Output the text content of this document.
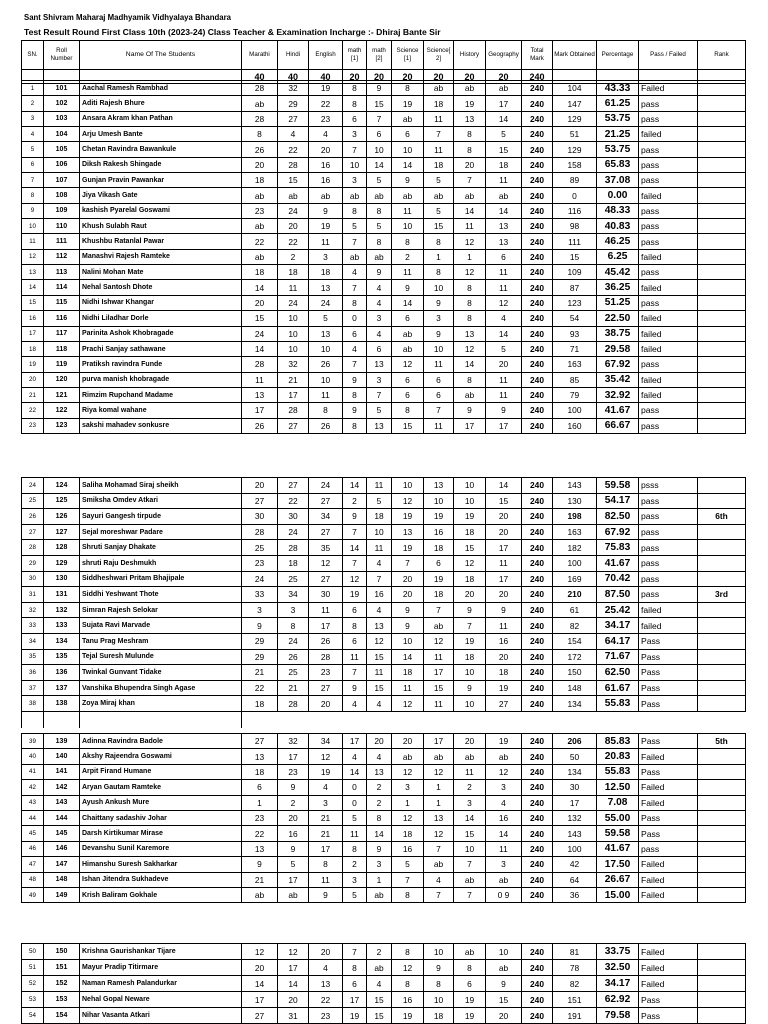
Sant Shivram Maharaj Madhyamik Vidhyalaya Bhandara
Test Result Round First Class 10th (2023-24) Class Teacher & Examination Incharge :- Dhiraj Bante Sir
SN.	Roll Number	Name Of The Students	Marathi	Hindi	English	math [1]	math [2]	Science [1]	Science[ 2]	History	Geography	Total Mark	Mark Obtained	Percentage	Pass / Failed	Rank
			40	40	40	20	20	20	20	20	20	240				
1	101	Aachal Ramesh Rambhad	28	32	19	8	9	8	ab	ab	ab	240	104	43.33	Failed	
2	102	Aditi Rajesh Bhure	ab	29	22	8	15	19	18	19	17	240	147	61.25	pass	
3	103	Ansara Akram khan Pathan	28	27	23	6	7	ab	11	13	14	240	129	53.75	pass	
4	104	Arju Umesh Bante	8	4	4	3	6	6	7	8	5	240	51	21.25	failed	
5	105	Chetan Ravindra Bawankule	26	22	20	7	10	10	11	8	15	240	129	53.75	pass	
6	106	Diksh Rakesh Shingade	20	28	16	10	14	14	18	20	18	240	158	65.83	pass	
7	107	Gunjan Pravin Pawankar	18	15	16	3	5	9	5	7	11	240	89	37.08	pass	
8	108	Jiya Vikash Gate	ab	ab	ab	ab	ab	ab	ab	ab	ab	240	0	0.00	failed	
9	109	kashish Pyarelal Goswami	23	24	9	8	8	11	5	14	14	240	116	48.33	pass	
10	110	Khush Sulabh Raut	ab	20	19	5	5	10	15	11	13	240	98	40.83	pass	
11	111	Khushbu Ratanlal Pawar	22	22	11	7	8	8	8	12	13	240	111	46.25	pass	
12	112	Manashvi Rajesh Ramteke	ab	2	3	ab	ab	2	1	1	6	240	15	6.25	failed	
13	113	Nalini Mohan Mate	18	18	18	4	9	11	8	12	11	240	109	45.42	pass	
14	114	Nehal Santosh Dhote	14	11	13	7	4	9	10	8	11	240	87	36.25	failed	
15	115	Nidhi Ishwar Khangar	20	24	24	8	4	14	9	8	12	240	123	51.25	pass	
16	116	Nidhi Liladhar Dorle	15	10	5	0	3	6	3	8	4	240	54	22.50	failed	
17	117	Parinita Ashok Khobragade	24	10	13	6	4	ab	9	13	14	240	93	38.75	failed	
18	118	Prachi Sanjay sathawane	14	10	10	4	6	ab	10	12	5	240	71	29.58	failed	
19	119	Pratiksh ravindra Funde	28	32	26	7	13	12	11	14	20	240	163	67.92	pass	
20	120	purva manish khobragade	11	21	10	9	3	6	6	8	11	240	85	35.42	failed	
21	121	Rimzim Rupchand Madame	13	17	11	8	7	6	6	ab	11	240	79	32.92	failed	
22	122	Riya komal wahane	17	28	8	9	5	8	7	9	9	240	100	41.67	pass	
23	123	sakshi mahadev sonkusre	26	27	26	8	13	15	11	17	17	240	160	66.67	pass	
24	124	Saliha Mohamad Siraj sheikh	20	27	24	14	11	10	13	10	14	240	143	59.58	psss	
25	125	Smiksha Omdev Atkari	27	22	27	2	5	12	10	10	15	240	130	54.17	pass	
26	126	Sayuri Gangesh tirpude	30	30	34	9	18	19	19	19	20	240	198	82.50	pass	6th
27	127	Sejal moreshwar Padare	28	24	27	7	10	13	16	18	20	240	163	67.92	pass	
28	128	Shruti Sanjay Dhakate	25	28	35	14	11	19	18	15	17	240	182	75.83	pass	
29	129	shruti Raju Deshmukh	23	18	12	7	4	7	6	12	11	240	100	41.67	pass	
30	130	Siddheshwari Pritam Bhajipale	24	25	27	12	7	20	19	18	17	240	169	70.42	pass	
31	131	Siddhi Yeshwant Thote	33	34	30	19	16	20	18	20	20	240	210	87.50	pass	3rd
32	132	Simran Rajesh Selokar	3	3	11	6	4	9	7	9	9	240	61	25.42	failed	
33	133	Sujata Ravi Marvade	9	8	17	8	13	9	ab	7	11	240	82	34.17	failed	
34	134	Tanu Prag Meshram	29	24	26	6	12	10	12	19	16	240	154	64.17	Pass	
35	135	Tejal Suresh Mulunde	29	26	28	11	15	14	11	18	20	240	172	71.67	Pass	
36	136	Twinkal Gunvant Tidake	21	25	23	7	11	18	17	10	18	240	150	62.50	Pass	
37	137	Vanshika Bhupendra Singh Agase	22	21	27	9	15	11	15	9	19	240	148	61.67	Pass	
38	138	Zoya Miraj khan	18	28	20	4	4	12	11	10	27	240	134	55.83	Pass	

39	139	Adinna Ravindra Badole	27	32	34	17	20	20	17	20	19	240	206	85.83	Pass	5th
40	140	Akshy Rajeendra Goswami	13	17	12	4	4	ab	ab	ab	ab	240	50	20.83	Failed	
41	141	Arpit Firand Humane	18	23	19	14	13	12	12	11	12	240	134	55.83	Pass	
42	142	Aryan Gautam Ramteke	6	9	4	0	2	3	1	2	3	240	30	12.50	Failed	
43	143	Ayush Ankush Mure	1	2	3	0	2	1	1	3	4	240	17	7.08	Failed	
44	144	Chaittany sadashiv Johar	23	20	21	5	8	12	13	14	16	240	132	55.00	Pass	
45	145	Darsh Kirtikumar Mirase	22	16	21	11	14	18	12	15	14	240	143	59.58	Pass	
46	146	Devanshu Sunil Karemore	13	9	17	8	9	16	7	10	11	240	100	41.67	pass	
47	147	Himanshu Suresh Sakharkar	9	5	8	2	3	5	ab	7	3	240	42	17.50	Failed	
48	148	Ishan Jitendra Sukhadeve	21	17	11	3	1	7	4	ab	ab	240	64	26.67	Failed	
49	149	Krish Baliram Gokhale	ab	ab	9	5	ab	8	7	7	0 9	240	36	15.00	Failed	
50	150	Krishna Gaurishankar Tijare	12	12	20	7	2	8	10	ab	10	240	81	33.75	Failed	
51	151	Mayur Pradip Titirmare	20	17	4	8	ab	12	9	8	ab	240	78	32.50	Failed	
52	152	Naman Ramesh Palandurkar	14	14	13	6	4	8	8	6	9	240	82	34.17	Failed	
53	153	Nehal Gopal Neware	17	20	22	17	15	16	10	19	15	240	151	62.92	Pass	
54	154	Nihar Vasanta Atkari	27	31	23	19	15	19	18	19	20	240	191	79.58	Pass	
